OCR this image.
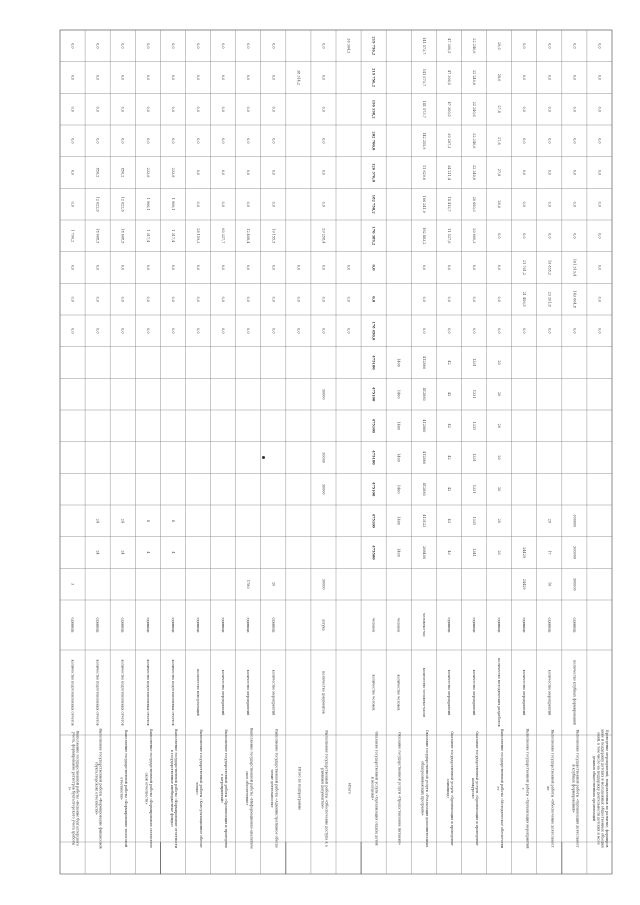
Выполнение государственной работы «Ведение бухгалтерского
учета, формирование регистров бухгалтерского учета (работы
)»
количество подготовленных отчетов
единица
3
0,0
0,0
0,0
1 790,2
0,0
0,0
0,0
0,0
0,0
0,0
Выполнение государственной работы «Формирование финансовой
(бухгалтерской) отчетности»
количество подготовленных отчетов
единица
24
24
0,0
0,0
0,0
18 608,5
12 622,6
856,2
0,0
0,0
0,0
0,0
Выполнение государственной работы «Формирование налоговой
отчетности»
количество подготовленных отчетов
единица
24
24
0,0
0,0
0,0
18 608,5
12 622,6
856,2
0,0
0,0
0,0
0,0
Выполнение государственной работы «Формирование статистиче
ской отчетности»
количество подготовленных отчетов
единица
4
4
0,0
0,0
0,0
1 317,4
1 906,1
233,8
0,0
0,0
0,0
0,0
Выполнение государственной работы «Формирование отчетности
в государственные внебюджетные фонды»
количество подготовленных отчетов
единица
4
4
0,0
0,0
0,0
1 317,4
1 906,1
233,8
0,0
0,0
0,0
0,0
Выполнение государственной работы «Консультационное обеспе
чение»
количество консультаций
единица
0,0
0,0
0,0
28 159,3
0,0
0,0
0,0
0,0
0,0
0,0
Выполнение государственной работы «Организация и проведени
е мероприятий»
количество мероприятий
единица
0,0
0,0
0,0
60 327,7
0,0
0,0
0,0
0,0
0,0
0,0
Выполнение государственной работы «Информационно-аналитиче
ское обеспечение»
количество мероприятий
единица
1780
0,0
0,0
0,0
12 408,4
0,0
0,0
0,0
0,0
0,0
0,0
Выполнение государственной работы «Административное обеспе
чение деятельности»
количество мероприятий
единица
20
0,0
0,0
0,0
19 155,5
0,0
0,0
0,0
0,0
0,0
0,0
Итого по подпрограмме
0,0
0,0
0,0
38 314,2
Выполнение государственной работы «Обеспечение доступа к а
рхивным документам»
количество документов
штука
30000
30000
30000
30000
0,0
0,0
0,0
29 258,4
0,0
0,0
0,0
0,0
0,0
0,0
Итого
0,0
0,0
0,0
36 364,2
Оказание государственной услуги «Организация отдыха детей
и молодежи»
количество человек
человек
475500
475100
475100
475100
475100
475100
475100
178 490,0
0,0
0,0
170 389,2
182 750,2
126 370,0
202 700,0
196 198,2
219 756,2
219 756,2
Оказание государственной услуги «Предоставление питания»
количество человек
человек
1400
1400
1400
1400
1400
1400
1400
Оказание государственной услуги «Реализация дополнительных
общеразвивающих программ»
количество человеко-часов
человеко-час
268400
413123
412880
412880
412880
412880
412880
0,0
0,0
0,0
162 483,2
166 241,9
11 629,6
142 255,9
141 573,7
141 573,7
141 573,7
Оказание государственной услуги «Организация и проведение
олимпиад»
количество мероприятий
единица
43
43
42
42
42
42
42
0,0
0,0
0,0
11 527,6
14 413,7
34 211,4
30 287,3
47 300,5
47 300,5
47 300,5
Оказание государственной услуги «Организация и проведение
конкурсов»
количество мероприятий
единица
1341
1331
1331
1331
1331
1331
1331
0,0
0,0
0,0
20 600,3
20 600,3
22 240,6
22 240,6
22 240,6
22 240,6
22 240,6
Выполнение государственной работы «Методическое обеспечени
е»
количество методических разработок
единица
20
20
20
20
20
20
20
0,0
0,0
0,0
0,0
28,0
27,8
27,8
27,8
28,0
28,0
Выполнение государственной работы «Организация мероприятий
»
количество мероприятий
единица
24429
24429
0,0
21 456,5
21 761,2
0,0
0,0
0,0
0,0
0,0
0,0
0,0
Выполнение государственной работы «Обеспечение деятельност
и»
количество мероприятий
единица
16
17
29
0,0
23 201,8
19 835,2
0,0
0,0
0,0
0,0
0,0
0,0
0,0
Выполнение государственной работы «Организация деятельност
и клубных формирований»
количество клубных формирований
единица
300000
300000
300000
0,0
143 604,8
161 313,4
0,0
0,0
0,0
0,0
0,0
0,0
0,0
Проведение мероприятий, направленных на развитие, формиров
ание и поддержку детских и молодежных общественных объедин
ений, в том числе на поддержку деятельности детских и моло
дежных общественных организаций
0,0
0,0
0,0
0,0
0,0
0,0
0,0
0,0
0,0
0,0
